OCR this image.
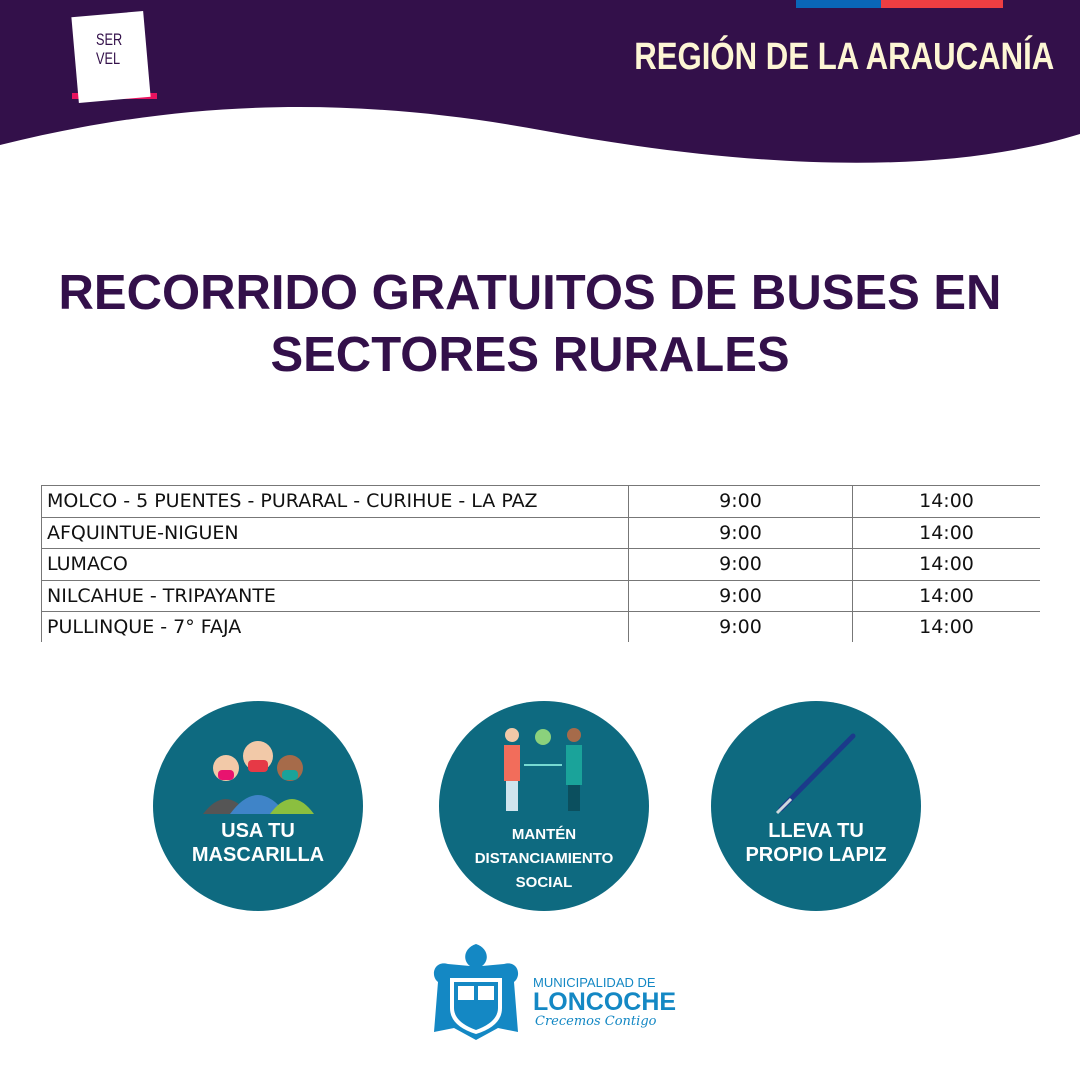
SER
VEL	REGIÓN DE LA ARAUCANÍA
RECORRIDO GRATUITOS DE BUSES EN
SECTORES RURALES
MOLCO - 5 PUENTES - PURARAL - CURIHUE - LA PAZ	9:00	14:00
AFQUINTUE-NIGUEN	9:00	14:00
LUMACO	9:00	14:00
NILCAHUE - TRIPAYANTE	9:00	14:00
PULLINQUE - 7° FAJA	9:00	14:00
USA TU
MASCARILLA
MANTÉN
DISTANCIAMIENTO
SOCIAL
LLEVA TU
PROPIO LAPIZ
MUNICIPALIDAD DE
LONCOCHE
Crecemos Contigo
